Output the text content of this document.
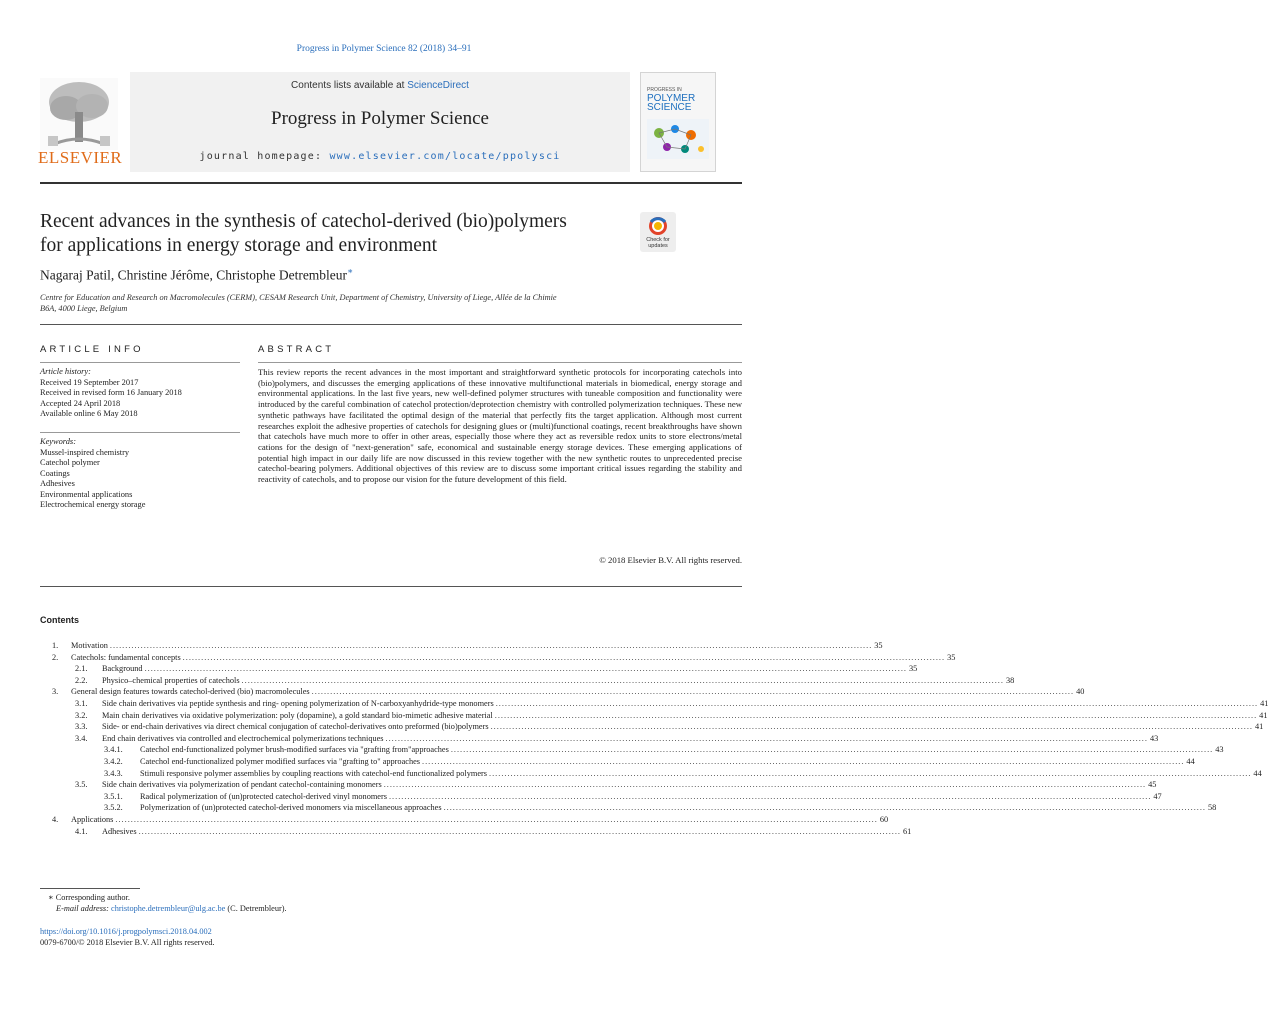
Progress in Polymer Science 82 (2018) 34–91
Contents lists available at ScienceDirect
Progress in Polymer Science
journal homepage: www.elsevier.com/locate/ppolysci
ELSEVIER
PROGRESS IN
POLYMER
SCIENCE
Recent advances in the synthesis of catechol-derived (bio)polymers
for applications in energy storage and environment	Check for updates
Nagaraj Patil, Christine Jérôme, Christophe Detrembleur∗
Centre for Education and Research on Macromolecules (CERM), CESAM Research Unit, Department of Chemistry, University of Liege, Allée de la Chimie
B6A, 4000 Liege, Belgium
ARTICLE INFO	ABSTRACT
Article history:
Received 19 September 2017
Received in revised form 16 January 2018
Accepted 24 April 2018
Available online 6 May 2018
Keywords:
Mussel-inspired chemistry
Catechol polymer
Coatings
Adhesives
Environmental applications
Electrochemical energy storage
This review reports the recent advances in the most important and straightforward synthetic protocols for incorporating catechols into (bio)polymers, and discusses the emerging applications of these innovative multifunctional materials in biomedical, energy storage and environmental applications. In the last five years, new well-defined polymer structures with tuneable composition and functionality were introduced by the careful combination of catechol protection/deprotection chemistry with controlled polymerization techniques. These new synthetic pathways have facilitated the optimal design of the material that perfectly fits the target application. Although most current researches exploit the adhesive properties of catechols for designing glues or (multi)functional coatings, recent breakthroughs have shown that catechols have much more to offer in other areas, especially those where they act as reversible redox units to store electrons/metal cations for the design of "next-generation" safe, economical and sustainable energy storage devices. These emerging applications of potential high impact in our daily life are now discussed in this review together with the new synthetic routes to unprecedented precise catechol-bearing polymers. Additional objectives of this review are to discuss some important critical issues regarding the stability and reactivity of catechols, and to propose our vision for the future development of this field.
© 2018 Elsevier B.V. All rights reserved.
Contents
1.	Motivation .....	35
2.	Catechols: fundamental concepts .....	35
2.1.	Background .....	35
2.2.	Physico–chemical properties of catechols .....	38
3.	General design features towards catechol-derived (bio) macromolecules .....	40
3.1.	Side chain derivatives via peptide synthesis and ring- opening polymerization of N-carboxyanhydride-type monomers .....	41
3.2.	Main chain derivatives via oxidative polymerization: poly (dopamine), a gold standard bio-mimetic adhesive material .....	41
3.3.	Side- or end-chain derivatives via direct chemical conjugation of catechol-derivatives onto preformed (bio)polymers .....	41
3.4.	End chain derivatives via controlled and electrochemical polymerizations techniques .....	43
3.4.1.	Catechol end-functionalized polymer brush-modified surfaces via "grafting from"approaches .....	43
3.4.2.	Catechol end-functionalized polymer modified surfaces via "grafting to" approaches .....	44
3.4.3.	Stimuli responsive polymer assemblies by coupling reactions with catechol-end functionalized polymers .....	44
3.5.	Side chain derivatives via polymerization of pendant catechol-containing monomers .....	45
3.5.1.	Radical polymerization of (un)protected catechol-derived vinyl monomers .....	47
3.5.2.	Polymerization of (un)protected catechol-derived monomers via miscellaneous approaches .....	58
4.	Applications .....	60
4.1.	Adhesives .....	61
∗ Corresponding author.
E-mail address: christophe.detrembleur@ulg.ac.be (C. Detrembleur).
https://doi.org/10.1016/j.progpolymsci.2018.04.002
0079-6700/© 2018 Elsevier B.V. All rights reserved.
